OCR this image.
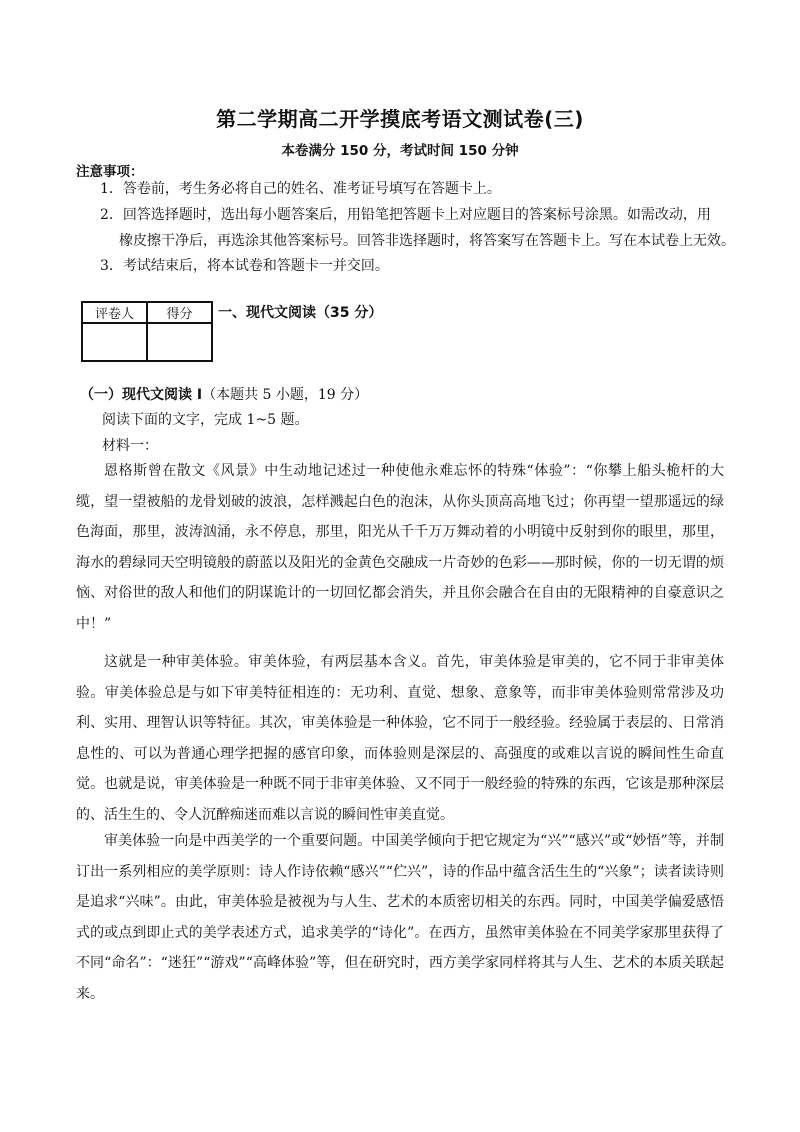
第二学期高二开学摸底考语文测试卷(三)
本卷满分 150 分，考试时间 150 分钟
注意事项：
1．答卷前，考生务必将自己的姓名、准考证号填写在答题卡上。
2．回答选择题时，选出每小题答案后，用铅笔把答题卡上对应题目的答案标号涂黑。如需改动，用
橡皮擦干净后，再选涂其他答案标号。回答非选择题时，将答案写在答题卡上。写在本试卷上无效。
3．考试结束后，将本试卷和答题卡一并交回。
评卷人	得分
	一、现代文阅读（35 分）
（一）现代文阅读 I（本题共 5 小题，19 分）
阅读下面的文字，完成 1~5 题。
材料一：

恩格斯曾在散文《风景》中生动地记述过一种使他永难忘怀的特殊“体验”：“你攀上船头桅杆的大缆，望一望被船的龙骨划破的波浪，怎样溅起白色的泡沫，从你头顶高高地飞过；你再望一望那遥远的绿色海面，那里，波涛汹涌，永不停息，那里，阳光从千千万万舞动着的小明镜中反射到你的眼里，那里，海水的碧绿同天空明镜般的蔚蓝以及阳光的金黄色交融成一片奇妙的色彩——那时候，你的一切无谓的烦恼、对俗世的敌人和他们的阴谋诡计的一切回忆都会消失，并且你会融合在自由的无限精神的自豪意识之中！”

这就是一种审美体验。审美体验，有两层基本含义。首先，审美体验是审美的，它不同于非审美体验。审美体验总是与如下审美特征相连的：无功利、直觉、想象、意象等，而非审美体验则常常涉及功利、实用、理智认识等特征。其次，审美体验是一种体验，它不同于一般经验。经验属于表层的、日常消息性的、可以为普通心理学把握的感官印象，而体验则是深层的、高强度的或难以言说的瞬间性生命直觉。也就是说，审美体验是一种既不同于非审美体验、又不同于一般经验的特殊的东西，它该是那种深层的、活生生的、令人沉醉痴迷而难以言说的瞬间性审美直觉。

审美体验一向是中西美学的一个重要问题。中国美学倾向于把它规定为“兴”“感兴”或“妙悟”等，并制订出一系列相应的美学原则：诗人作诗依赖“感兴”“伫兴”，诗的作品中蕴含活生生的“兴象”；读者读诗则是追求“兴味”。由此，审美体验是被视为与人生、艺术的本质密切相关的东西。同时，中国美学偏爱感悟式的或点到即止式的美学表述方式，追求美学的“诗化”。在西方，虽然审美体验在不同美学家那里获得了不同“命名”：“迷狂”“游戏”“高峰体验”等，但在研究时，西方美学家同样将其与人生、艺术的本质关联起来。
